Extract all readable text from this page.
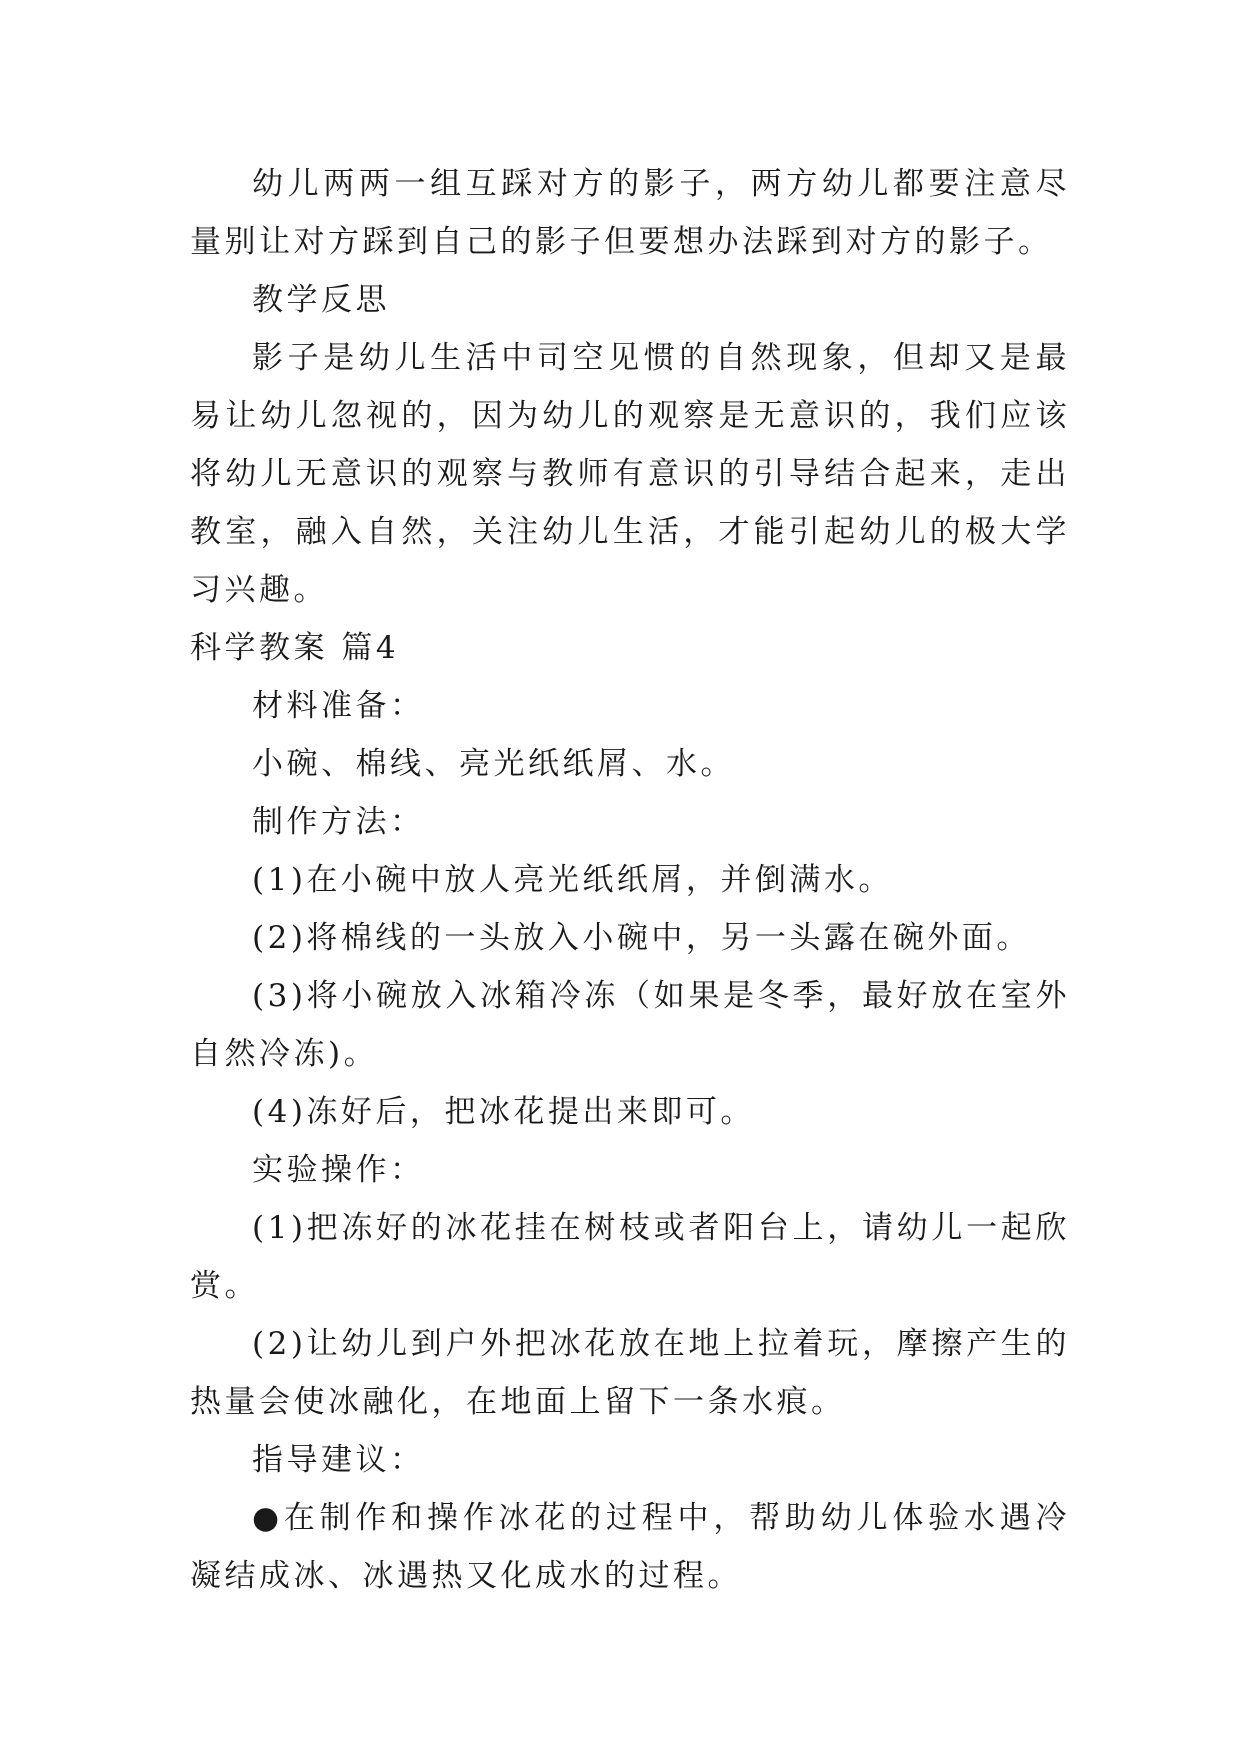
幼儿两两一组互踩对方的影子，两方幼儿都要注意尽量别让对方踩到自己的影子但要想办法踩到对方的影子。

教学反思

影子是幼儿生活中司空见惯的自然现象，但却又是最易让幼儿忽视的，因为幼儿的观察是无意识的，我们应该将幼儿无意识的观察与教师有意识的引导结合起来，走出教室，融入自然，关注幼儿生活，才能引起幼儿的极大学习兴趣。

科学教案 篇4

材料准备：

小碗、棉线、亮光纸纸屑、水。

制作方法：

(1)在小碗中放人亮光纸纸屑，并倒满水。

(2)将棉线的一头放入小碗中，另一头露在碗外面。

(3)将小碗放入冰箱冷冻（如果是冬季，最好放在室外自然冷冻)。

(4)冻好后，把冰花提出来即可。

实验操作：

(1)把冻好的冰花挂在树枝或者阳台上，请幼儿一起欣赏。

(2)让幼儿到户外把冰花放在地上拉着玩，摩擦产生的热量会使冰融化，在地面上留下一条水痕。

指导建议：

●在制作和操作冰花的过程中，帮助幼儿体验水遇冷凝结成冰、冰遇热又化成水的过程。
